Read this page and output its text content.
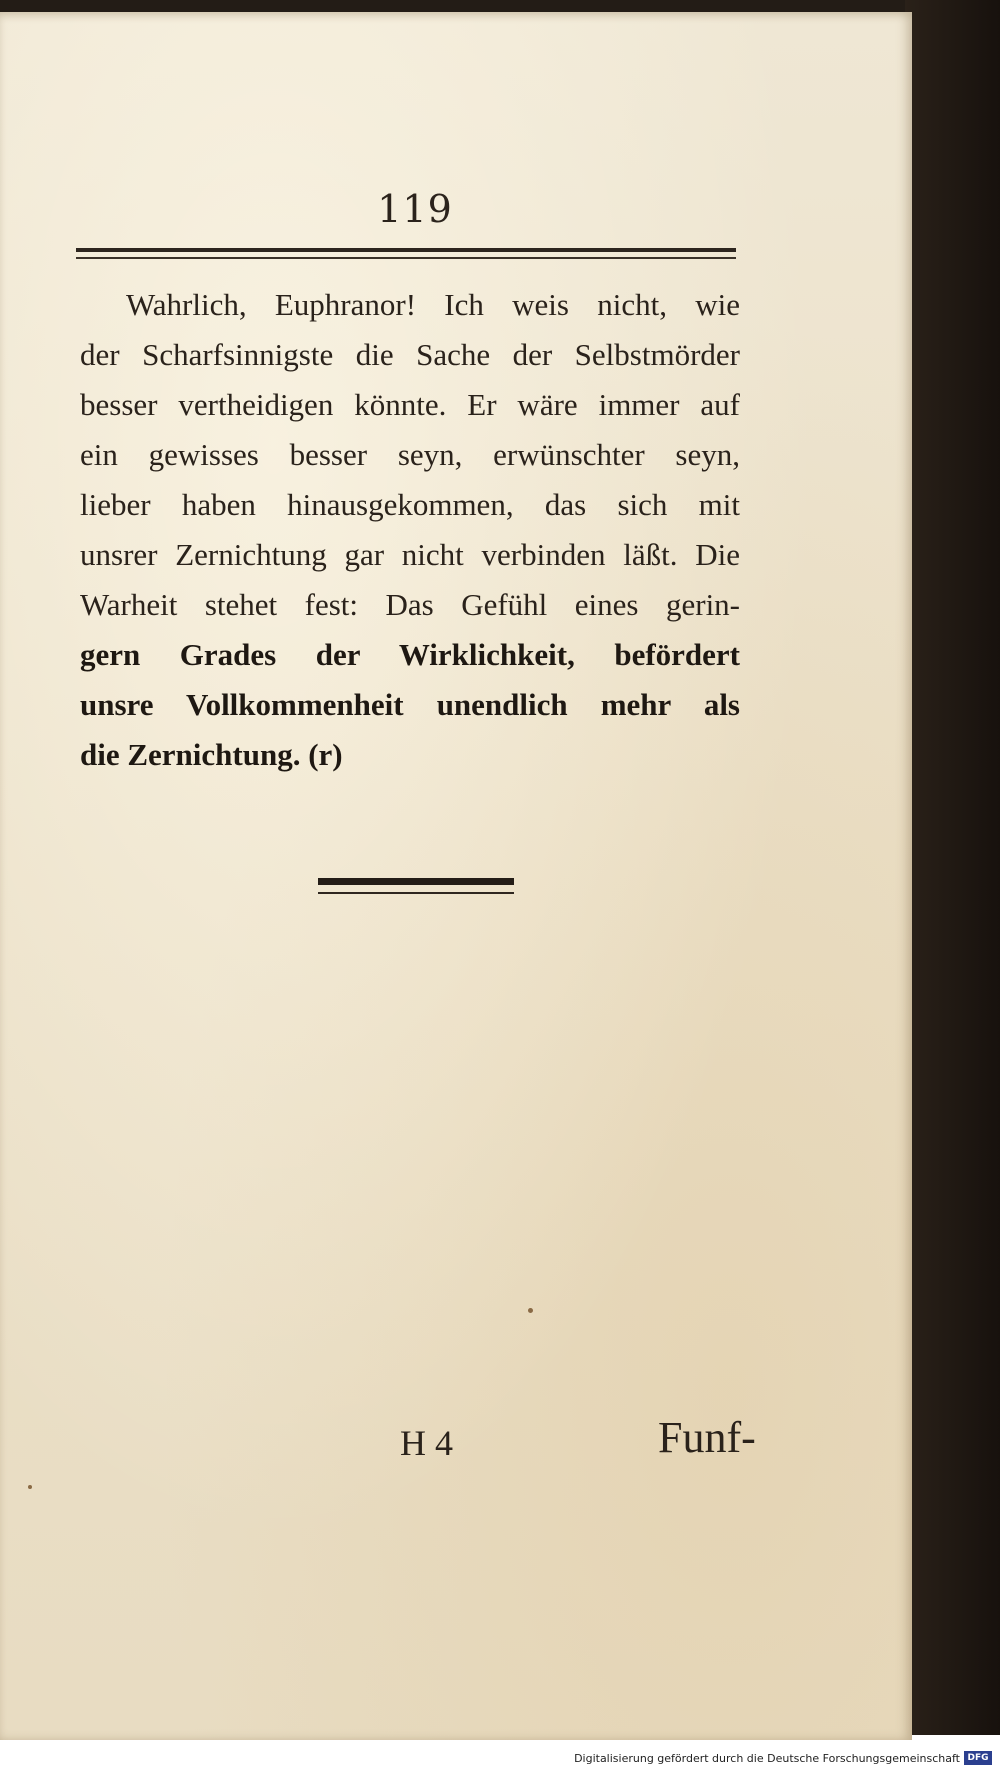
119
Wahrlich, Euphranor! Ich weis nicht, wie
der Scharfsinnigste die Sache der Selbstmörder
besser vertheidigen könnte. Er wäre immer auf
ein gewisses besser seyn, erwünschter seyn,
lieber haben hinausgekommen, das sich mit
unsrer Zernichtung gar nicht verbinden läßt. Die
Warheit stehet fest: Das Gefühl eines gerin-
gern Grades der Wirklichkeit, befördert
unsre Vollkommenheit unendlich mehr als
die Zernichtung. (r)
H 4	Funf-
Digitalisierung gefördert durch die Deutsche Forschungsgemeinschaft DFG
